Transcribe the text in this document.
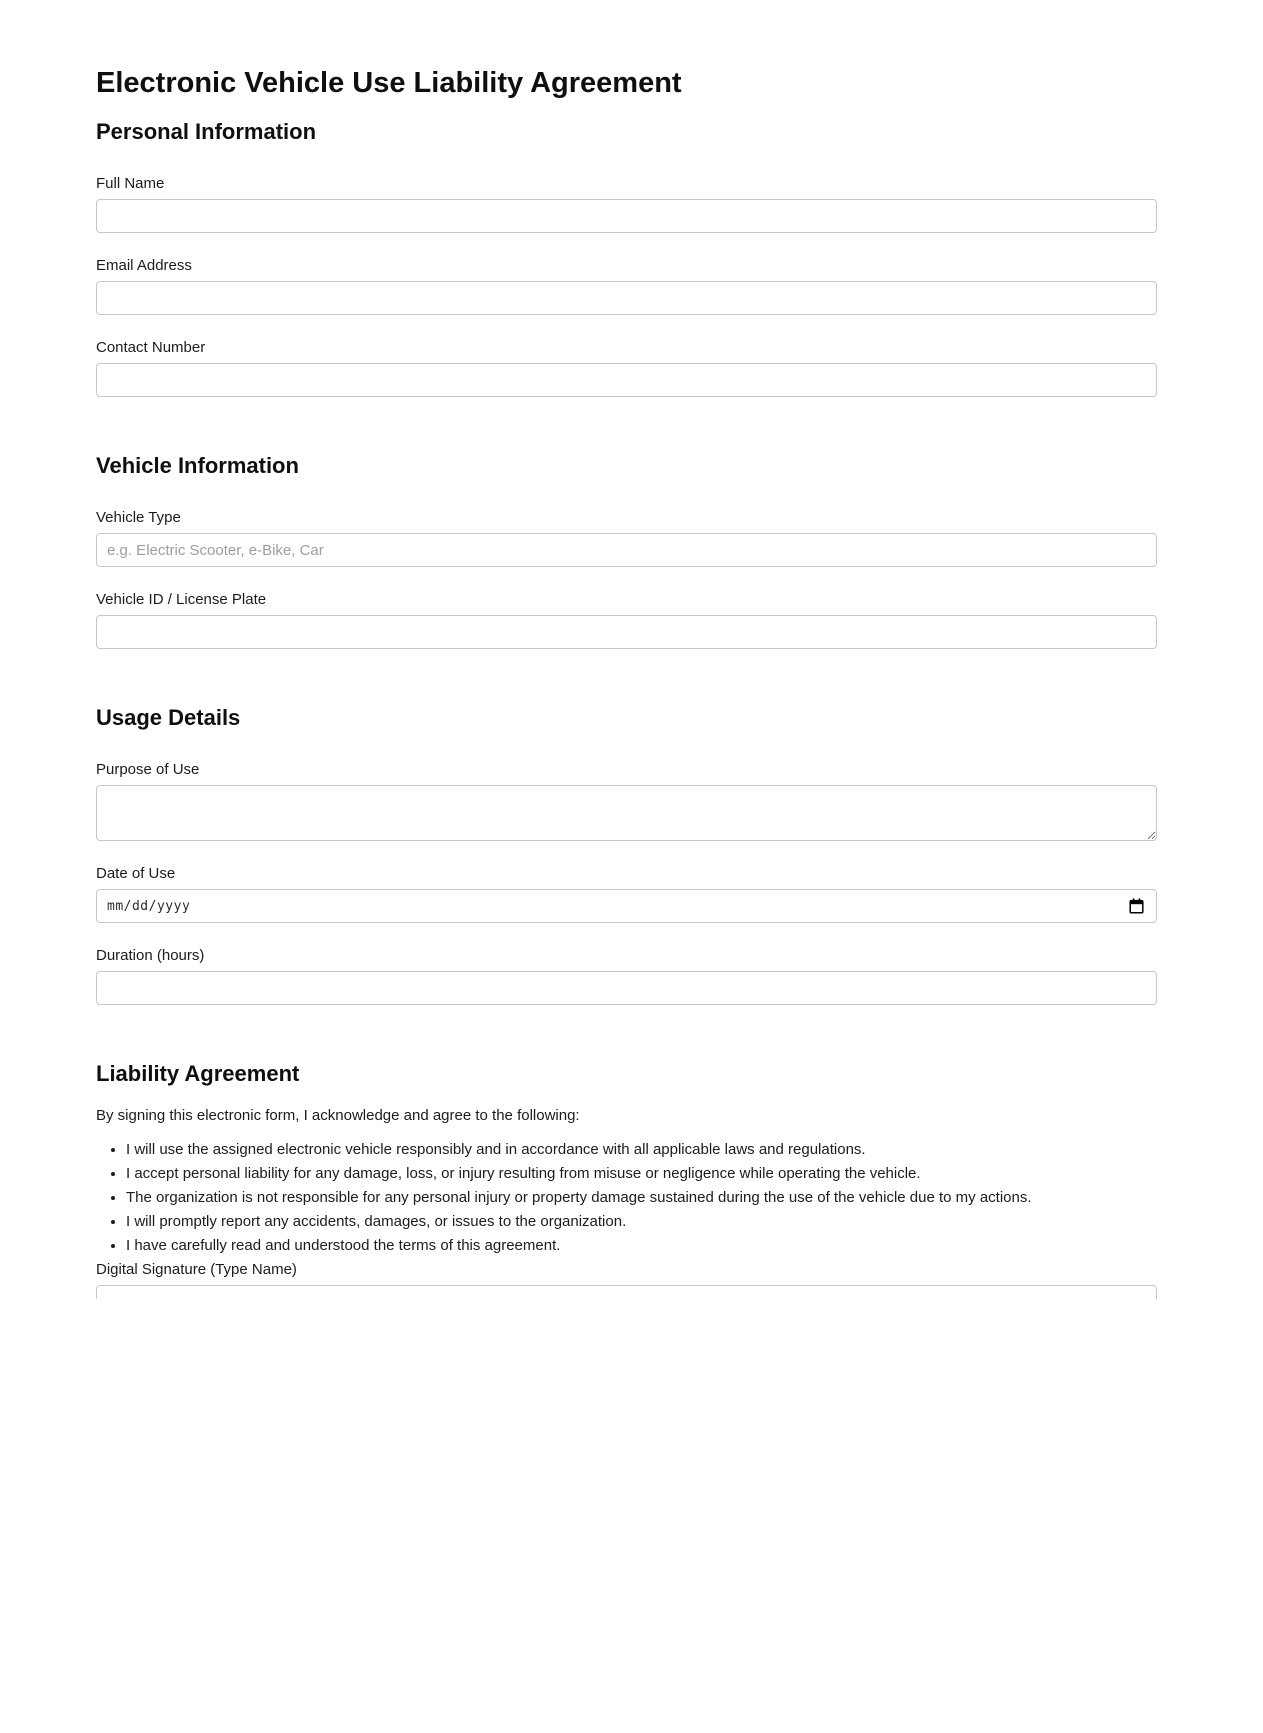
Electronic Vehicle Use Liability Agreement
Personal Information
Full Name
Email Address
Contact Number
Vehicle Information
Vehicle Type
e.g. Electric Scooter, e-Bike, Car
Vehicle ID / License Plate
Usage Details
Purpose of Use
Date of Use
mm/dd/yyyy
Duration (hours)
Liability Agreement

By signing this electronic form, I acknowledge and agree to the following:

• I will use the assigned electronic vehicle responsibly and in accordance with all applicable laws and regulations.
• I accept personal liability for any damage, loss, or injury resulting from misuse or negligence while operating the vehicle.
• The organization is not responsible for any personal injury or property damage sustained during the use of the vehicle due to my actions.
• I will promptly report any accidents, damages, or issues to the organization.
• I have carefully read and understood the terms of this agreement.
Digital Signature (Type Name)
